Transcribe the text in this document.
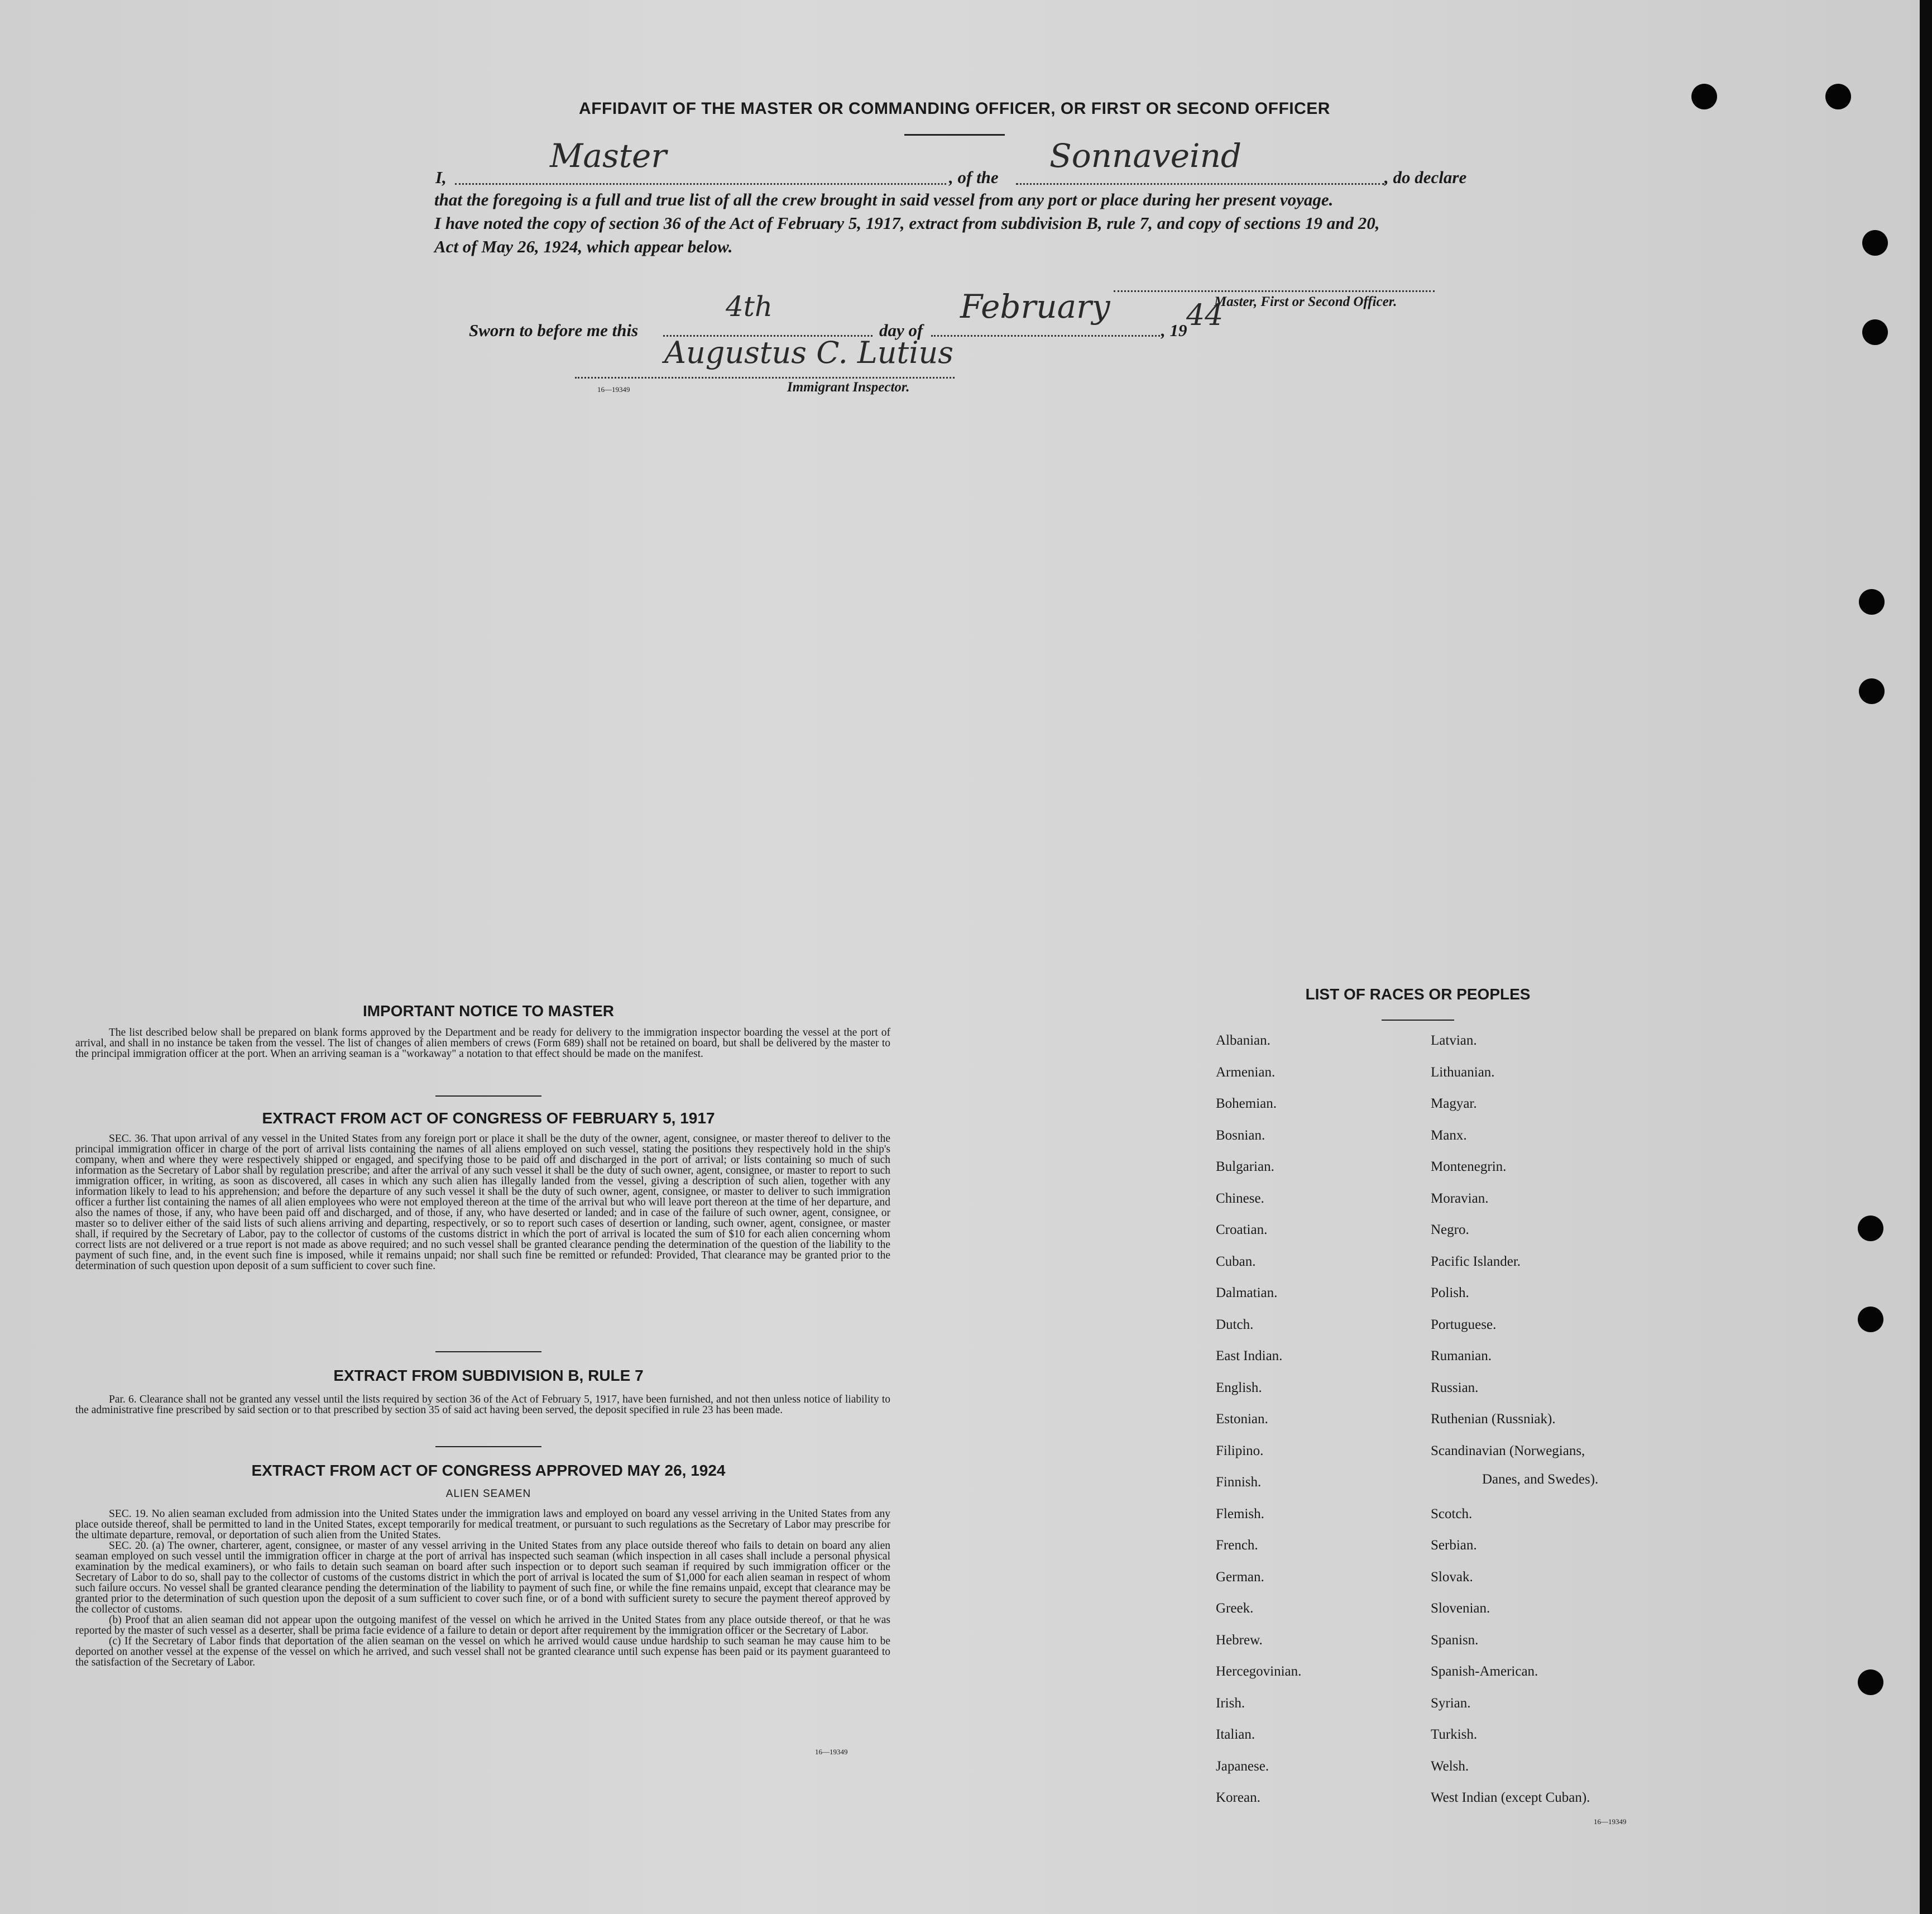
AFFIDAVIT OF THE MASTER OR COMMANDING OFFICER, OR FIRST OR SECOND OFFICER
I,
Master
, of the
Sonnaveind
, do declare
that the foregoing is a full and true list of all the crew brought in said vessel from any port or place during her present voyage.
I have noted the copy of section 36 of the Act of February 5, 1917, extract from subdivision B, rule 7, and copy of sections 19 and 20,
Act of May 26, 1924, which appear below.
Master, First or Second Officer.
Sworn to before me this
4th
day of
February
, 19
44
Augustus C. Lutius
16—19349	Immigrant Inspector.
IMPORTANT NOTICE TO MASTER

The list described below shall be prepared on blank forms approved by the Department and be ready for delivery to the immigration inspector boarding the vessel at the port of arrival, and shall in no instance be taken from the vessel. The list of changes of alien members of crews (Form 689) shall not be retained on board, but shall be delivered by the master to the principal immigration officer at the port. When an arriving seaman is a "workaway" a notation to that effect should be made on the manifest.

EXTRACT FROM ACT OF CONGRESS OF FEBRUARY 5, 1917

SEC. 36. That upon arrival of any vessel in the United States from any foreign port or place it shall be the duty of the owner, agent, consignee, or master thereof to deliver to the principal immigration officer in charge of the port of arrival lists containing the names of all aliens employed on such vessel, stating the positions they respectively hold in the ship's company, when and where they were respectively shipped or engaged, and specifying those to be paid off and discharged in the port of arrival; or lists containing so much of such information as the Secretary of Labor shall by regulation prescribe; and after the arrival of any such vessel it shall be the duty of such owner, agent, consignee, or master to report to such immigration officer, in writing, as soon as discovered, all cases in which any such alien has illegally landed from the vessel, giving a description of such alien, together with any information likely to lead to his apprehension; and before the departure of any such vessel it shall be the duty of such owner, agent, consignee, or master to deliver to such immigration officer a further list containing the names of all alien employees who were not employed thereon at the time of the arrival but who will leave port thereon at the time of her departure, and also the names of those, if any, who have been paid off and discharged, and of those, if any, who have deserted or landed; and in case of the failure of such owner, agent, consignee, or master so to deliver either of the said lists of such aliens arriving and departing, respectively, or so to report such cases of desertion or landing, such owner, agent, consignee, or master shall, if required by the Secretary of Labor, pay to the collector of customs of the customs district in which the port of arrival is located the sum of $10 for each alien concerning whom correct lists are not delivered or a true report is not made as above required; and no such vessel shall be granted clearance pending the determination of the question of the liability to the payment of such fine, and, in the event such fine is imposed, while it remains unpaid; nor shall such fine be remitted or refunded: Provided, That clearance may be granted prior to the determination of such question upon deposit of a sum sufficient to cover such fine.

EXTRACT FROM SUBDIVISION B, RULE 7

Par. 6. Clearance shall not be granted any vessel until the lists required by section 36 of the Act of February 5, 1917, have been furnished, and not then unless notice of liability to the administrative fine prescribed by said section or to that prescribed by section 35 of said act having been served, the deposit specified in rule 23 has been made.

EXTRACT FROM ACT OF CONGRESS APPROVED MAY 26, 1924
ALIEN SEAMEN

SEC. 19. No alien seaman excluded from admission into the United States under the immigration laws and employed on board any vessel arriving in the United States from any place outside thereof, shall be permitted to land in the United States, except temporarily for medical treatment, or pursuant to such regulations as the Secretary of Labor may prescribe for the ultimate departure, removal, or deportation of such alien from the United States.

SEC. 20. (a) The owner, charterer, agent, consignee, or master of any vessel arriving in the United States from any place outside thereof who fails to detain on board any alien seaman employed on such vessel until the immigration officer in charge at the port of arrival has inspected such seaman (which inspection in all cases shall include a personal physical examination by the medical examiners), or who fails to detain such seaman on board after such inspection or to deport such seaman if required by such immigration officer or the Secretary of Labor to do so, shall pay to the collector of customs of the customs district in which the port of arrival is located the sum of $1,000 for each alien seaman in respect of whom such failure occurs. No vessel shall be granted clearance pending the determination of the liability to payment of such fine, or while the fine remains unpaid, except that clearance may be granted prior to the determination of such question upon the deposit of a sum sufficient to cover such fine, or of a bond with sufficient surety to secure the payment thereof approved by the collector of customs.

(b) Proof that an alien seaman did not appear upon the outgoing manifest of the vessel on which he arrived in the United States from any place outside thereof, or that he was reported by the master of such vessel as a deserter, shall be prima facie evidence of a failure to detain or deport after requirement by the immigration officer or the Secretary of Labor.

(c) If the Secretary of Labor finds that deportation of the alien seaman on the vessel on which he arrived would cause undue hardship to such seaman he may cause him to be deported on another vessel at the expense of the vessel on which he arrived, and such vessel shall not be granted clearance until such expense has been paid or its payment guaranteed to the satisfaction of the Secretary of Labor.

16—19349
LIST OF RACES OR PEOPLES
Albanian.
Armenian.
Bohemian.
Bosnian.
Bulgarian.
Chinese.
Croatian.
Cuban.
Dalmatian.
Dutch.
East Indian.
English.
Estonian.
Filipino.
Finnish.
Flemish.
French.
German.
Greek.
Hebrew.
Hercegovinian.
Irish.
Italian.
Japanese.
Korean.
Latvian.
Lithuanian.
Magyar.
Manx.
Montenegrin.
Moravian.
Negro.
Pacific Islander.
Polish.
Portuguese.
Rumanian.
Russian.
Ruthenian (Russniak).
Scandinavian (Norwegians,
Scotch.
Serbian.
Slovak.
Slovenian.
Spanisn.
Spanish-American.
Syrian.
Turkish.
Welsh.
West Indian (except Cuban).
Danes, and Swedes).
16—19349
